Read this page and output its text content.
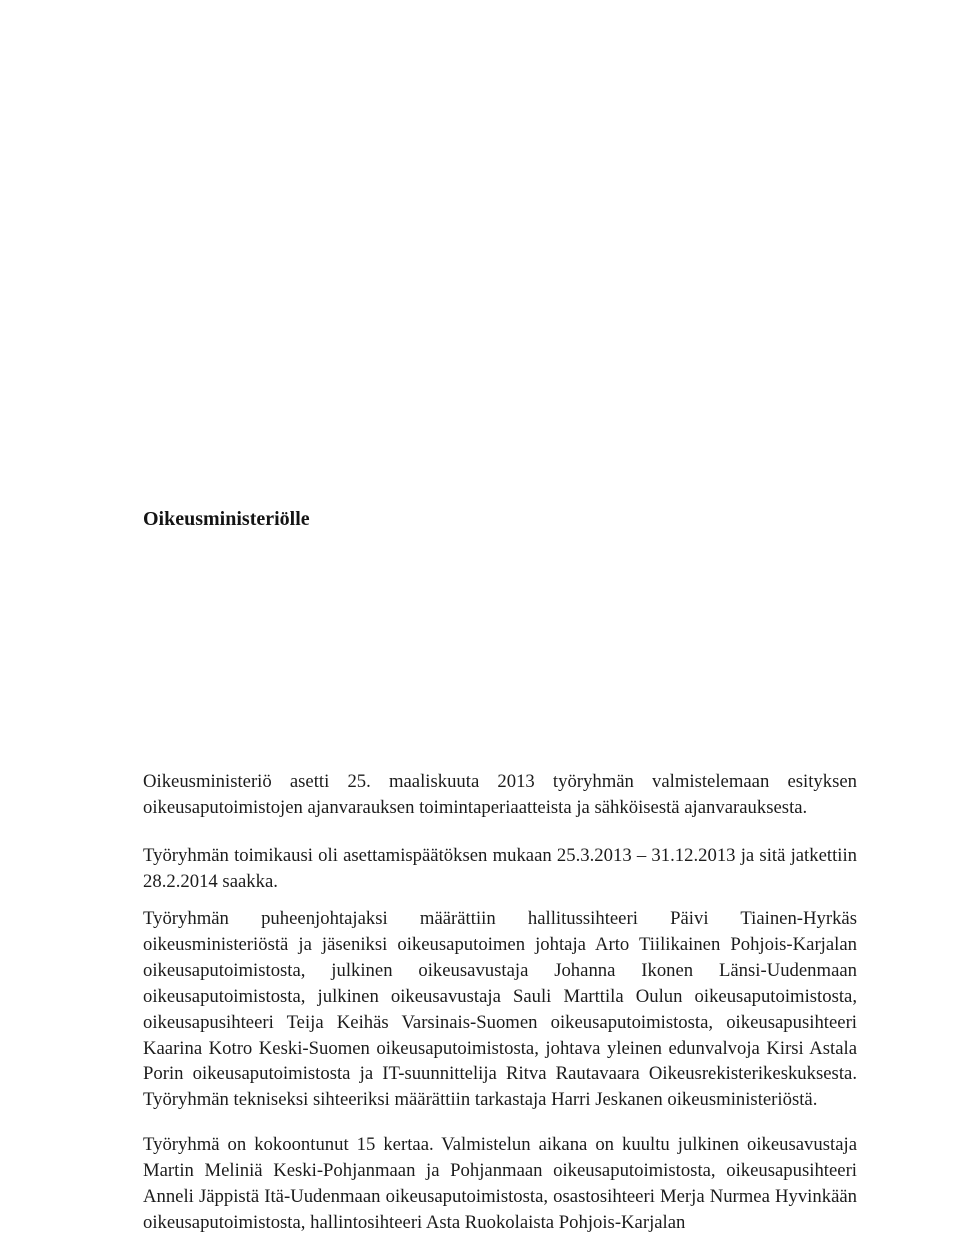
Oikeusministeriölle

Oikeusministeriö asetti 25. maaliskuuta 2013 työryhmän valmistelemaan esityksen oikeusaputoimistojen ajanvarauksen toimintaperiaatteista ja sähköisestä ajanvarauksesta.

Työryhmän toimikausi oli asettamispäätöksen mukaan 25.3.2013 – 31.12.2013 ja sitä jatkettiin 28.2.2014 saakka.

Työryhmän puheenjohtajaksi määrättiin hallitussihteeri Päivi Tiainen-Hyrkäs oikeusministeriöstä ja jäseniksi oikeusaputoimen johtaja Arto Tiilikainen Pohjois-Karjalan oikeusaputoimistosta, julkinen oikeusavustaja Johanna Ikonen Länsi-Uudenmaan oikeusaputoimistosta, julkinen oikeusavustaja Sauli Marttila Oulun oikeusaputoimistosta, oikeusapusihteeri Teija Keihäs Varsinais-Suomen oikeusaputoimistosta, oikeusapusihteeri Kaarina Kotro Keski-Suomen oikeusaputoimistosta, johtava yleinen edunvalvoja Kirsi Astala Porin oikeusaputoimistosta ja IT-suunnittelija Ritva Rautavaara Oikeusrekisterikeskuksesta. Työryhmän tekniseksi sihteeriksi määrättiin tarkastaja Harri Jeskanen oikeusministeriöstä.

Työryhmä on kokoontunut 15 kertaa. Valmistelun aikana on kuultu julkinen oikeusavustaja Martin Meliniä Keski-Pohjanmaan ja Pohjanmaan oikeusaputoimistosta, oikeusapusihteeri Anneli Jäppistä Itä-Uudenmaan oikeusaputoimistosta, osastosihteeri Merja Nurmea Hyvinkään oikeusaputoimistosta, hallintosihteeri Asta Ruokolaista Pohjois-Karjalan
